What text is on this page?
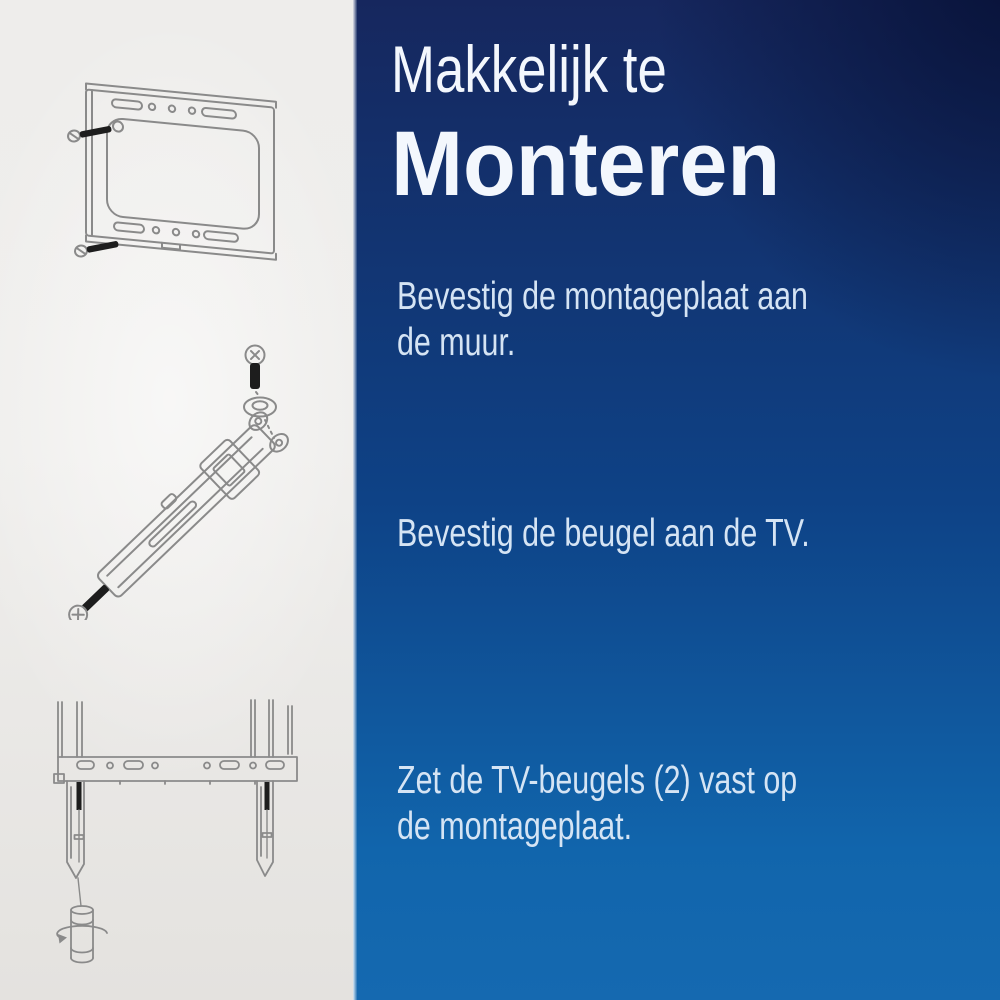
Makkelijk te Monteren

Bevestig de montageplaat aan
de muur.

Bevestig de beugel aan de TV.

Zet de TV-beugels (2) vast op
de montageplaat.
